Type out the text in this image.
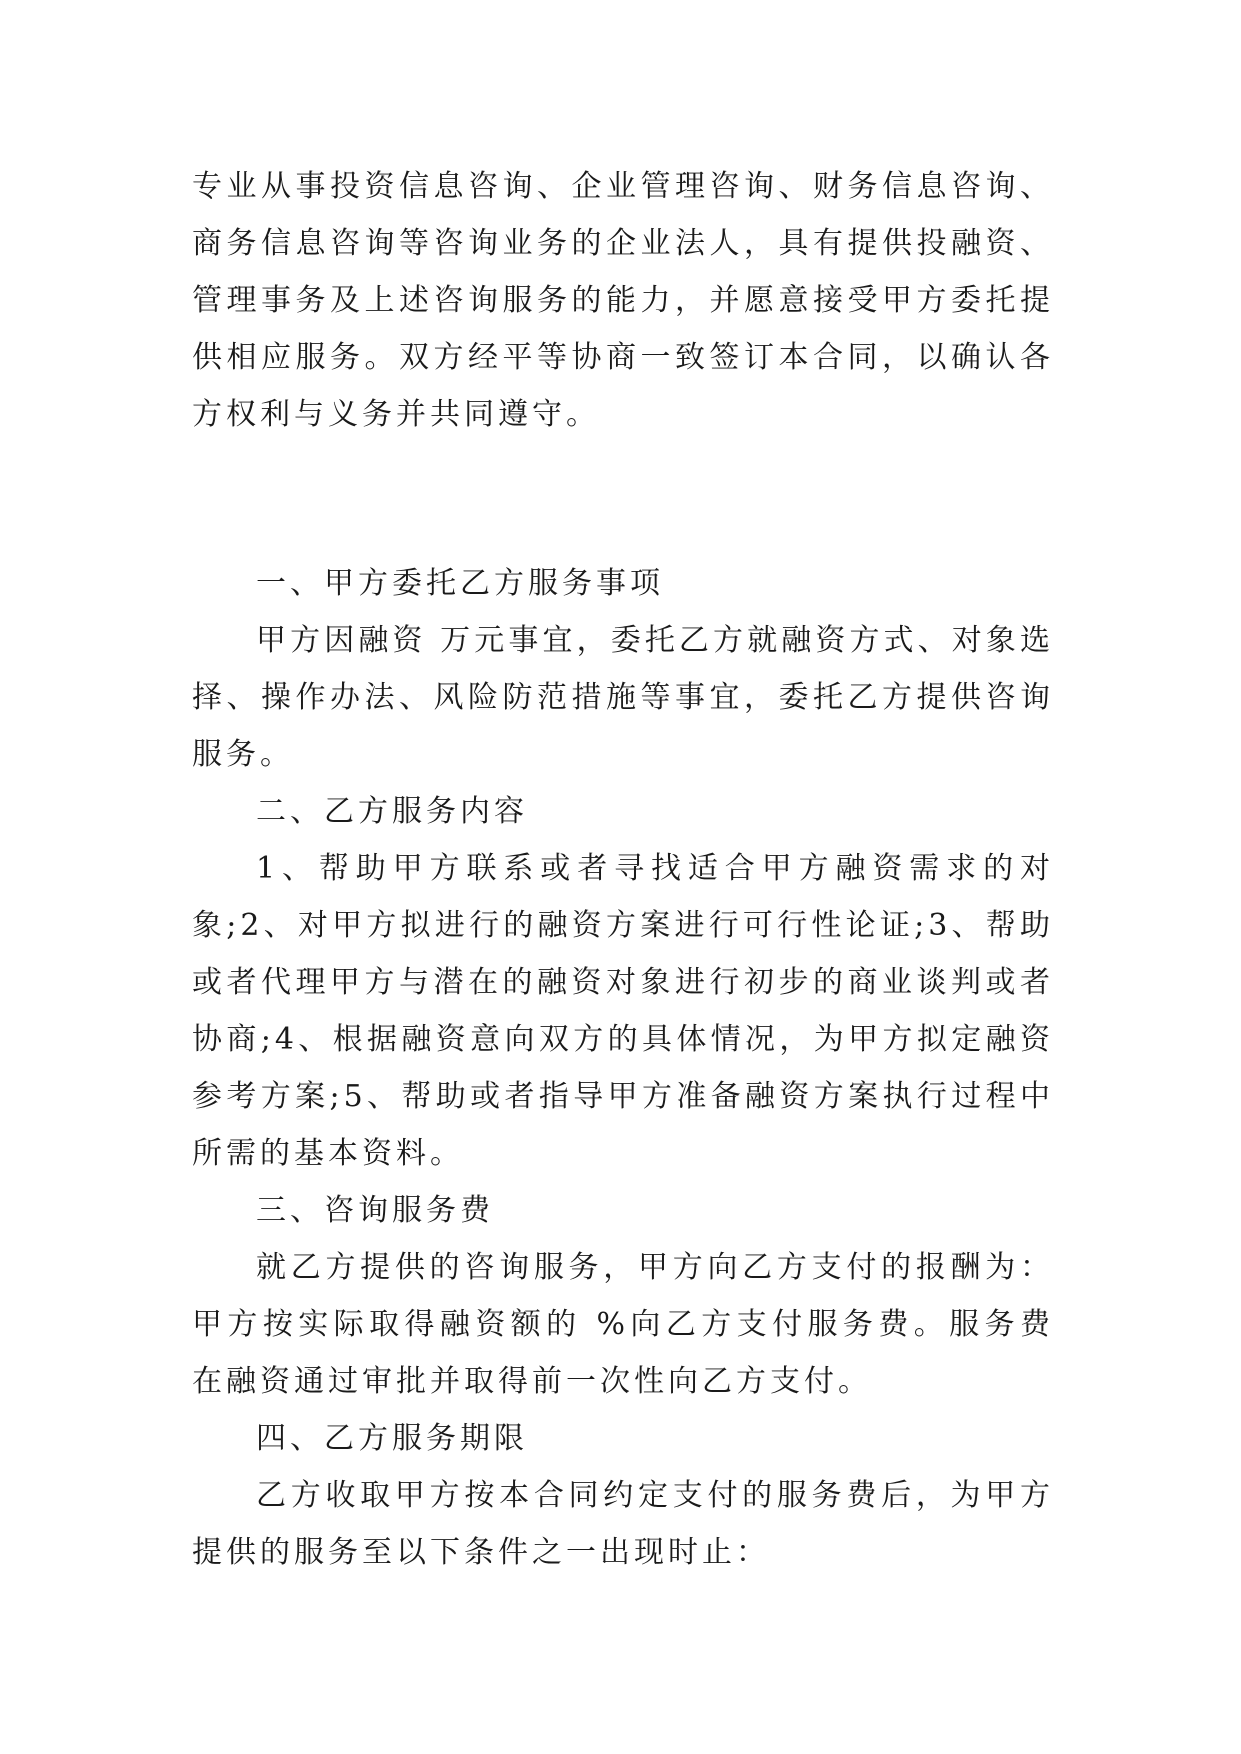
专业从事投资信息咨询、企业管理咨询、财务信息咨询、商务信息咨询等咨询业务的企业法人，具有提供投融资、管理事务及上述咨询服务的能力，并愿意接受甲方委托提供相应服务。双方经平等协商一致签订本合同，以确认各方权利与义务并共同遵守。

一、甲方委托乙方服务事项

甲方因融资 万元事宜，委托乙方就融资方式、对象选择、操作办法、风险防范措施等事宜，委托乙方提供咨询服务。

二、乙方服务内容

1、帮助甲方联系或者寻找适合甲方融资需求的对象;2、对甲方拟进行的融资方案进行可行性论证;3、帮助或者代理甲方与潜在的融资对象进行初步的商业谈判或者协商;4、根据融资意向双方的具体情况，为甲方拟定融资参考方案;5、帮助或者指导甲方准备融资方案执行过程中所需的基本资料。

三、咨询服务费

就乙方提供的咨询服务，甲方向乙方支付的报酬为：甲方按实际取得融资额的 %向乙方支付服务费。服务费在融资通过审批并取得前一次性向乙方支付。

四、乙方服务期限

乙方收取甲方按本合同约定支付的服务费后，为甲方提供的服务至以下条件之一出现时止：
